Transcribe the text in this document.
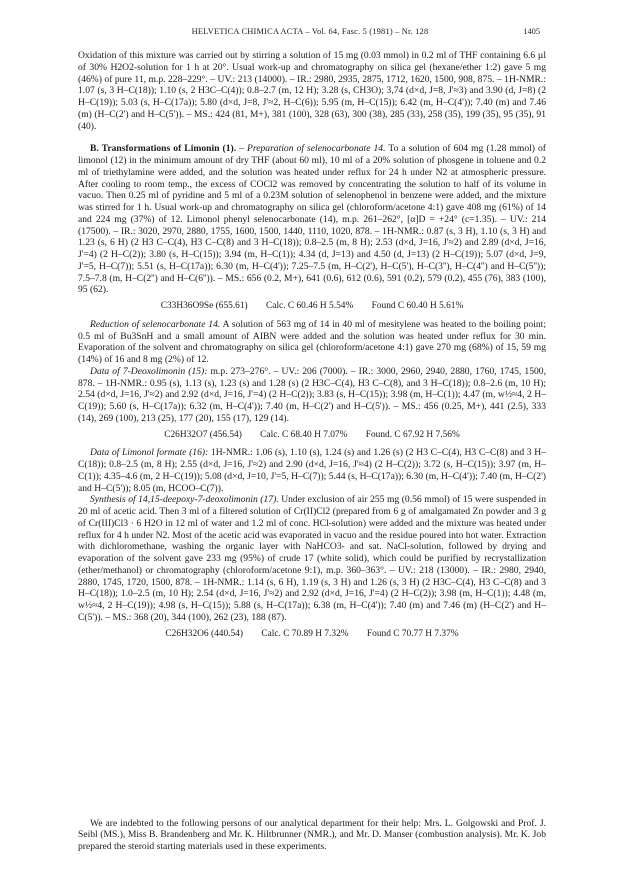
HELVETICA CHIMICA ACTA – Vol. 64, Fasc. 5 (1981) – Nr. 128	1405

Oxidation of this mixture was carried out by stirring a solution of 15 mg (0.03 mmol) in 0.2 ml of THF containing 6.6 µl of 30% H2O2-solution for 1 h at 20°. Usual work-up and chromatography on silica gel (hexane/ether 1:2) gave 5 mg (46%) of pure 11, m.p. 228–229°. – UV.: 213 (14000). – IR.: 2980, 2935, 2875, 1712, 1620, 1500, 908, 875. – 1H-NMR.: 1.07 (s, 3 H–C(18)); 1.10 (s, 2 H3C–C(4)); 0.8–2.7 (m, 12 H); 3.28 (s, CH3O); 3,74 (d×d, J=8, J'≈3) and 3.90 (d, J=8) (2 H–C(19)); 5.03 (s, H–C(17a)); 5.80 (d×d, J=8, J'≈2, H–C(6)); 5.95 (m, H–C(15)); 6.42 (m, H–C(4')); 7.40 (m) and 7.46 (m) (H–C(2') and H–C(5')). – MS.: 424 (81, M+), 381 (100), 328 (63), 300 (38), 285 (33), 258 (35), 199 (35), 95 (35), 91 (40).

B. Transformations of Limonin (1). – Preparation of selenocarbonate 14. To a solution of 604 mg (1.28 mmol) of limonol (12) in the minimum amount of dry THF (about 60 ml), 10 ml of a 20% solution of phosgene in toluene and 0.2 ml of triethylamine were added, and the solution was heated under reflux for 24 h under N2 at atmospheric pressure. After cooling to room temp., the excess of COCl2 was removed by concentrating the solution to half of its volume in vacuo. Then 0.25 ml of pyridine and 5 ml of a 0.23M solution of selenophenol in benzene were added, and the mixture was stirred for 1 h. Usual work-up and chromatography on silica gel (chloroform/acetone 4:1) gave 408 mg (61%) of 14 and 224 mg (37%) of 12. Limonol phenyl selenocarbonate (14), m.p. 261–262°, [α]D = +24° (c=1.35). – UV.: 214 (17500). – IR.: 3020, 2970, 2880, 1755, 1600, 1500, 1440, 1110, 1020, 878. – 1H-NMR.: 0.87 (s, 3 H), 1.10 (s, 3 H) and 1.23 (s, 6 H) (2 H3 C–C(4), H3 C–C(8) and 3 H–C(18)); 0.8–2.5 (m, 8 H); 2.53 (d×d, J=16, J'≈2) and 2.89 (d×d, J=16, J'=4) (2 H–C(2)); 3.80 (s, H–C(15)); 3.94 (m, H–C(1)); 4.34 (d, J=13) and 4.50 (d, J=13) (2 H–C(19)); 5.07 (d×d, J=9, J'=5, H–C(7)); 5.51 (s, H–C(17a)); 6.30 (m, H–C(4')); 7.25–7.5 (m, H–C(2'), H–C(5'), H–C(3''), H–C(4'') and H–C(5'')); 7.5–7.8 (m, H–C(2'') and H–C(6'')). – MS.: 656 (0.2, M+), 641 (0.6), 612 (0.6), 591 (0.2), 579 (0.2), 455 (76), 383 (100), 95 (62).

C33H36O9Se (655.61) Calc. C 60.46 H 5.54% Found C 60.40 H 5.61%

Reduction of selenocarbonate 14. A solution of 563 mg of 14 in 40 ml of mesitylene was heated to the boiling point; 0.5 ml of Bu3SnH and a small amount of AIBN were added and the solution was heated under reflux for 30 min. Evaporation of the solvent and chromatography on silica gel (chloroform/acetone 4:1) gave 270 mg (68%) of 15, 59 mg (14%) of 16 and 8 mg (2%) of 12.

Data of 7-Deoxolimonin (15): m.p. 273–276°. – UV.: 206 (7000). – IR.: 3000, 2960, 2940, 2880, 1760, 1745, 1500, 878. – 1H-NMR.: 0.95 (s), 1.13 (s), 1.23 (s) and 1.28 (s) (2 H3C–C(4), H3 C–C(8), and 3 H–C(18)); 0.8–2.6 (m, 10 H); 2.54 (d×d, J=16, J'≈2) and 2.92 (d×d, J=16, J'=4) (2 H–C(2)); 3.83 (s, H–C(15)); 3.98 (m, H–C(1)); 4.47 (m, w½≈4, 2 H–C(19)); 5.60 (s, H–C(17a)); 6.32 (m, H–C(4')); 7.40 (m, H–C(2') and H–C(5')). – MS.: 456 (0.25, M+), 441 (2.5), 333 (14), 269 (100), 213 (25), 177 (20), 155 (17), 129 (14).

C26H32O7 (456.54) Calc. C 68.40 H 7.07% Found. C 67.92 H 7.56%

Data of Limonol formate (16): 1H-NMR.: 1.06 (s), 1.10 (s), 1.24 (s) and 1.26 (s) (2 H3 C–C(4), H3 C–C(8) and 3 H–C(18)); 0.8–2.5 (m, 8 H); 2.55 (d×d, J=16, J'≈2) and 2.90 (d×d, J=16, J'≈4) (2 H–C(2)); 3.72 (s, H–C(15)); 3.97 (m, H–C(1)); 4.35–4.6 (m, 2 H–C(19)); 5.08 (d×d, J=10, J'=5, H–C(7)); 5.44 (s, H–C(17a)); 6.30 (m, H–C(4')); 7.40 (m, H–C(2') and H–C(5')); 8.05 (m, HCOO–C(7)).

Synthesis of 14,15-deepoxy-7-deoxolimonin (17). Under exclusion of air 255 mg (0.56 mmol) of 15 were suspended in 20 ml of acetic acid. Then 3 ml of a filtered solution of Cr(II)Cl2 (prepared from 6 g of amalgamated Zn powder and 3 g of Cr(III)Cl3 · 6 H2O in 12 ml of water and 1.2 ml of conc. HCl-solution) were added and the mixture was heated under reflux for 4 h under N2. Most of the acetic acid was evaporated in vacuo and the residue poured into hot water. Extraction with dichloromethane, washing the organic layer with NaHCO3- and sat. NaCl-solution, followed by drying and evaporation of the solvent gave 233 mg (95%) of crude 17 (white solid), which could be purified by recrystallization (ether/methanol) or chromatography (chloroform/acetone 9:1), m.p. 360–363°. – UV.: 218 (13000). – IR.: 2980, 2940, 2880, 1745, 1720, 1500, 878. – 1H-NMR.: 1.14 (s, 6 H), 1.19 (s, 3 H) and 1.26 (s, 3 H) (2 H3C–C(4), H3 C–C(8) and 3 H–C(18)); 1.0–2.5 (m, 10 H); 2.54 (d×d, J=16, J'≈2) and 2.92 (d×d, J=16, J'=4) (2 H–C(2)); 3.98 (m, H–C(1)); 4.48 (m, w½≈4, 2 H–C(19)); 4.98 (s, H–C(15)); 5.88 (s, H–C(17a)); 6.38 (m, H–C(4')); 7.40 (m) and 7.46 (m) (H–C(2') and H–C(5')). – MS.: 368 (20), 344 (100), 262 (23), 188 (87).

C26H32O6 (440.54) Calc. C 70.89 H 7.32% Found C 70.77 H 7.37%

We are indebted to the following persons of our analytical department for their help: Mrs. L. Golgowski and Prof. J. Seibl (MS.), Miss B. Brandenberg and Mr. K. Hiltbrunner (NMR.), and Mr. D. Manser (combustion analysis). Mr. K. Job prepared the steroid starting materials used in these experiments.
